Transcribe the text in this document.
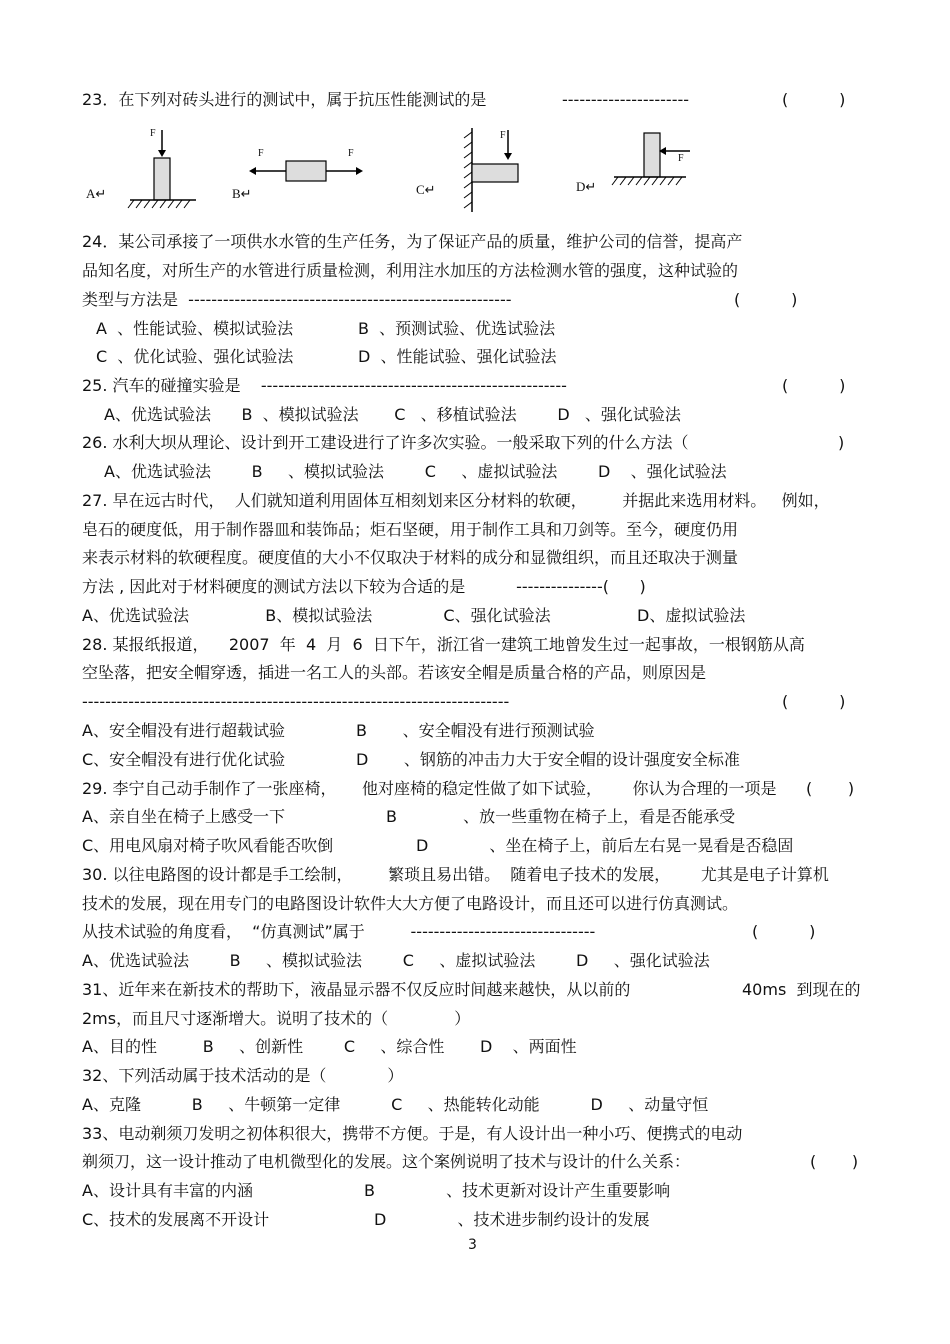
23．在下列对砖头进行的测试中，属于抗压性能测试的是	----------------------	(          )
A↵
F
B↵
F	F
C↵
F
D↵
F
24．某公司承接了一项供水水管的生产任务，为了保证产品的质量，维护公司的信誉，提高产
品知名度，对所生产的水管进行质量检测，利用注水加压的方法检测水管的强度，这种试验的
类型与方法是  --------------------------------------------------------	(          )
A  、性能试验、模拟试验法	B  、预测试验、优选试验法
C  、优化试验、强化试验法	D  、性能试验、强化试验法
25. 汽车的碰撞实验是    -----------------------------------------------------	(          )
A、优选试验法      B  、模拟试验法       C   、移植试验法        D   、强化试验法
26. 水利大坝从理论、设计到开工建设进行了许多次实验。一般采取下列的什么方法（	)
A、优选试验法        B     、模拟试验法        C     、虚拟试验法        D    、强化试验法
27. 早在远古时代，  人们就知道利用固体互相刻划来区分材料的软硬，       并据此来选用材料。   例如，
皂石的硬度低，用于制作器皿和装饰品；炬石坚硬，用于制作工具和刀剑等。至今，硬度仍用
来表示材料的软硬程度。硬度值的大小不仅取决于材料的成分和显微组织，而且还取决于测量
方法 , 因此对于材料硬度的测试方法以下较为合适的是          ---------------(      )
A、优选试验法               B、模拟试验法              C、强化试验法                 D、虚拟试验法
28. 某报纸报道，    2007  年  4  月  6  日下午，浙江省一建筑工地曾发生过一起事故，一根钢筋从高
空坠落，把安全帽穿透，插进一名工人的头部。若该安全帽是质量合格的产品，则原因是
--------------------------------------------------------------------------	(          )
A、安全帽没有进行超载试验	B       、安全帽没有进行预测试验
C、安全帽没有进行优化试验	D       、钢筋的冲击力大于安全帽的设计强度安全标准
29. 李宁自己动手制作了一张座椅，     他对座椅的稳定性做了如下试验，      你认为合理的一项是 (       )
A、亲自坐在椅子上感受一下	B             、放一些重物在椅子上，看是否能承受
C、用电风扇对椅子吹风看能否吹倒	D            、坐在椅子上，前后左右晃一晃看是否稳固
30. 以往电路图的设计都是手工绘制，       繁琐且易出错。  随着电子技术的发展，      尤其是电子计算机
技术的发展，现在用专门的电路图设计软件大大方便了电路设计，而且还可以进行仿真测试。
从技术试验的角度看，  “仿真测试”属于         --------------------------------	(          )
A、优选试验法        B     、模拟试验法        C     、虚拟试验法        D     、强化试验法
31、近年来在新技术的帮助下，液晶显示器不仅反应时间越来越快，从以前的	40ms  到现在的
2ms，而且尺寸逐渐增大。说明了技术的（             ）
A、目的性         B     、创新性        C     、综合性       D    、两面性
32、下列活动属于技术活动的是（            ）
A、克隆          B     、牛顿第一定律          C     、热能转化动能          D     、动量守恒
33、电动剃须刀发明之初体积很大，携带不方便。于是，有人设计出一种小巧、便携式的电动
剃须刀，这一设计推动了电机微型化的发展。这个案例说明了技术与设计的什么关系：	(       )
A、设计具有丰富的内涵	B              、技术更新对设计产生重要影响
C、技术的发展离不开设计	D              、技术进步制约设计的发展
3
